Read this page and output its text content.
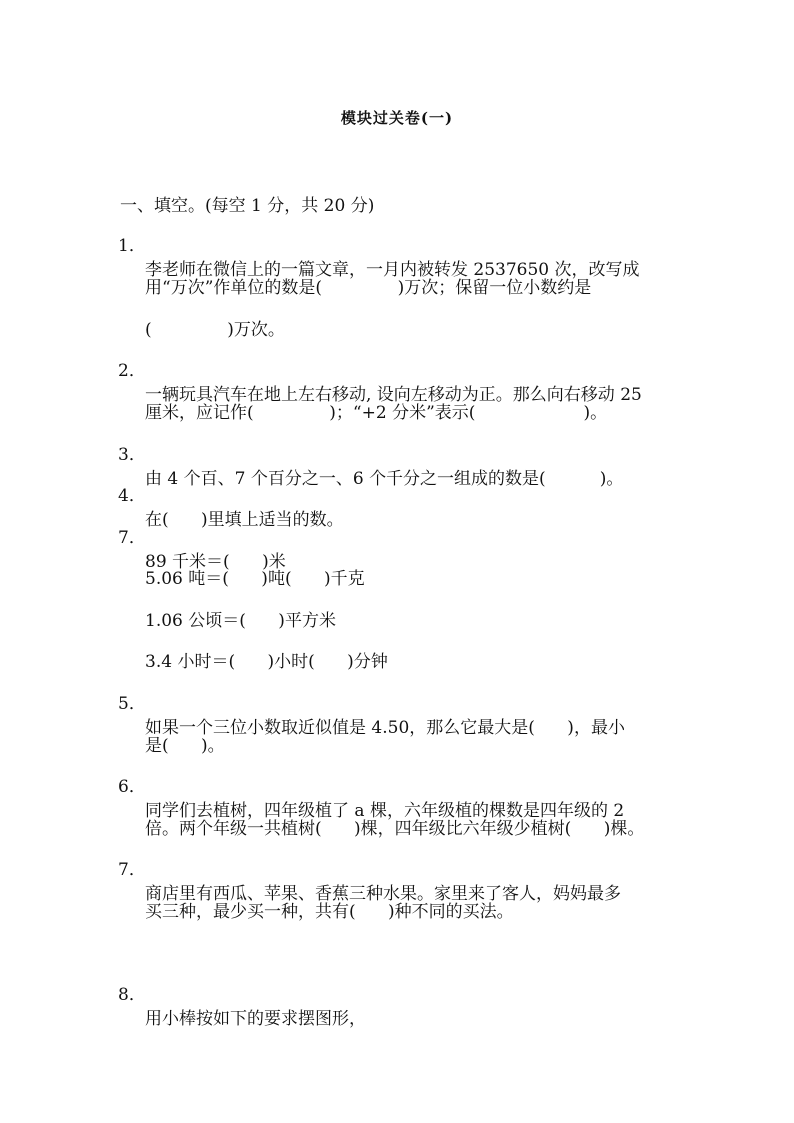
模块过关卷(一)

一、填空。(每空 1 分，共 20 分)

1．

李老师在微信上的一篇文章，一月内被转发 2537650 次，改写成

用“万次”作单位的数是(              )万次；保留一位小数约是

(              )万次。

2．

一辆玩具汽车在地上左右移动, 设向左移动为正。那么向右移动 25

厘米，应记作(              )；“+2 分米”表示(                    )。

3．

由 4 个百、7 个百分之一、6 个千分之一组成的数是(          )。

4．

在(      )里填上适当的数。

7．

89 千米＝(      )米

5.06 吨＝(      )吨(      )千克

1.06 公顷＝(      )平方米

3.4 小时＝(      )小时(      )分钟

5．

如果一个三位小数取近似值是 4.50，那么它最大是(      )，最小

是(      )。

6．

同学们去植树，四年级植了 a 棵，六年级植的棵数是四年级的 2

倍。两个年级一共植树(      )棵，四年级比六年级少植树(      )棵。

7．

商店里有西瓜、苹果、香蕉三种水果。家里来了客人，妈妈最多

买三种，最少买一种，共有(      )种不同的买法。

8．

用小棒按如下的要求摆图形，
